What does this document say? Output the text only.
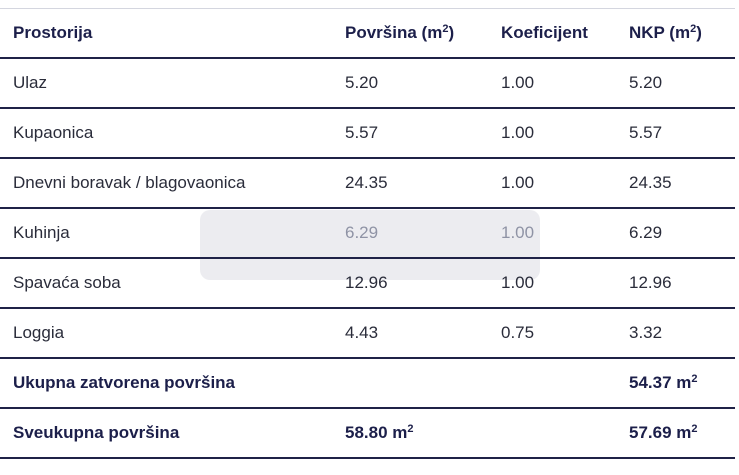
Prostorija	Površina $(m^2)$	Koeficijent	NKP $(m^2)$
Ulaz	5.20	1.00	5.20
Kupaonica	5.57	1.00	5.57
Dnevni boravak / blagovaonica	24.35	1.00	24.35
Kuhinja	6.29	1.00	6.29
Spavaća soba	12.96	1.00	12.96
Loggia	4.43	0.75	3.32
Ukupna zatvorena površina			54.37 $m^2$
Sveukupna površina	58.80 $m^2$		57.69 $m^2$
